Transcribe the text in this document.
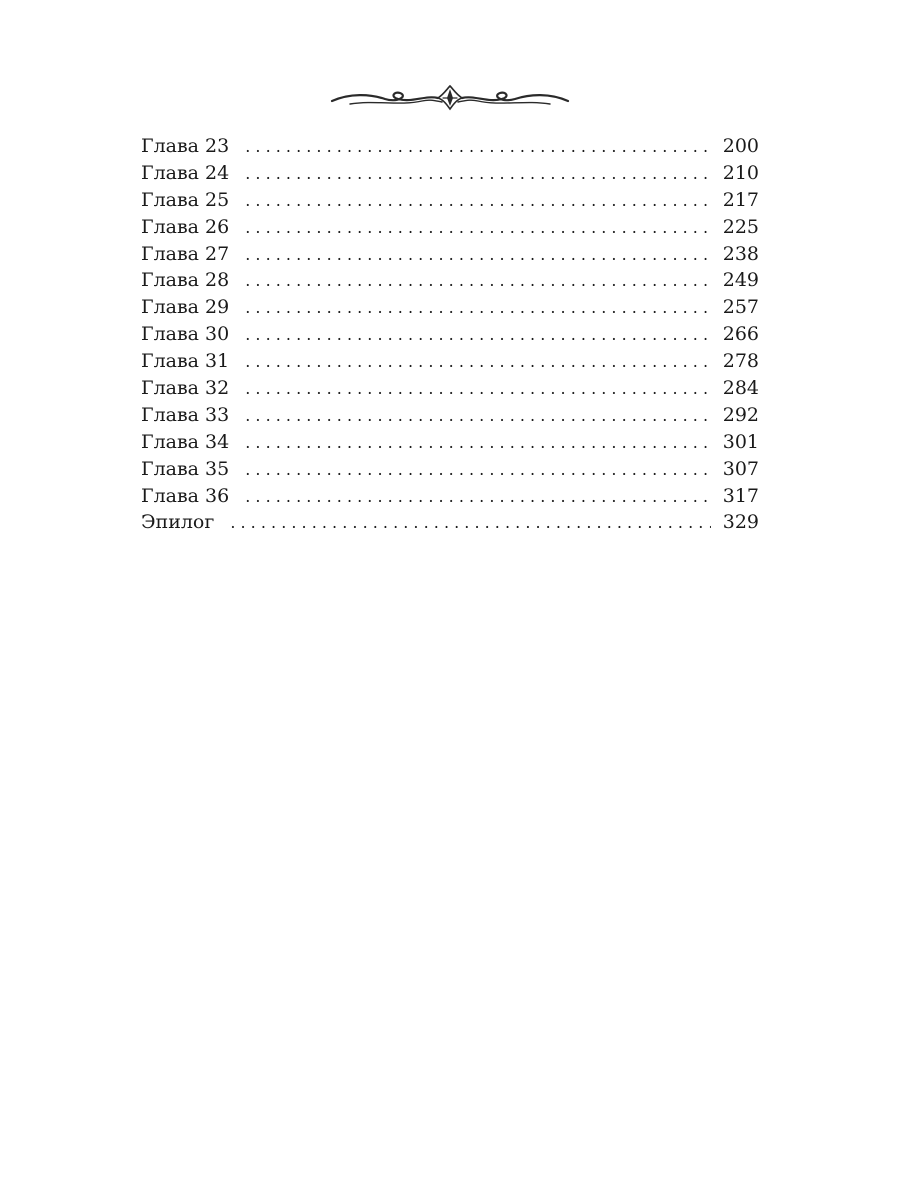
Глава 23 . . .	200
Глава 24 . . .	210
Глава 25 . . .	217
Глава 26 . . .	225
Глава 27 . . .	238
Глава 28 . . .	249
Глава 29 . . .	257
Глава 30 . . .	266
Глава 31 . . .	278
Глава 32 . . .	284
Глава 33 . . .	292
Глава 34 . . .	301
Глава 35 . . .	307
Глава 36 . . .	317
Эпилог . . .	329
